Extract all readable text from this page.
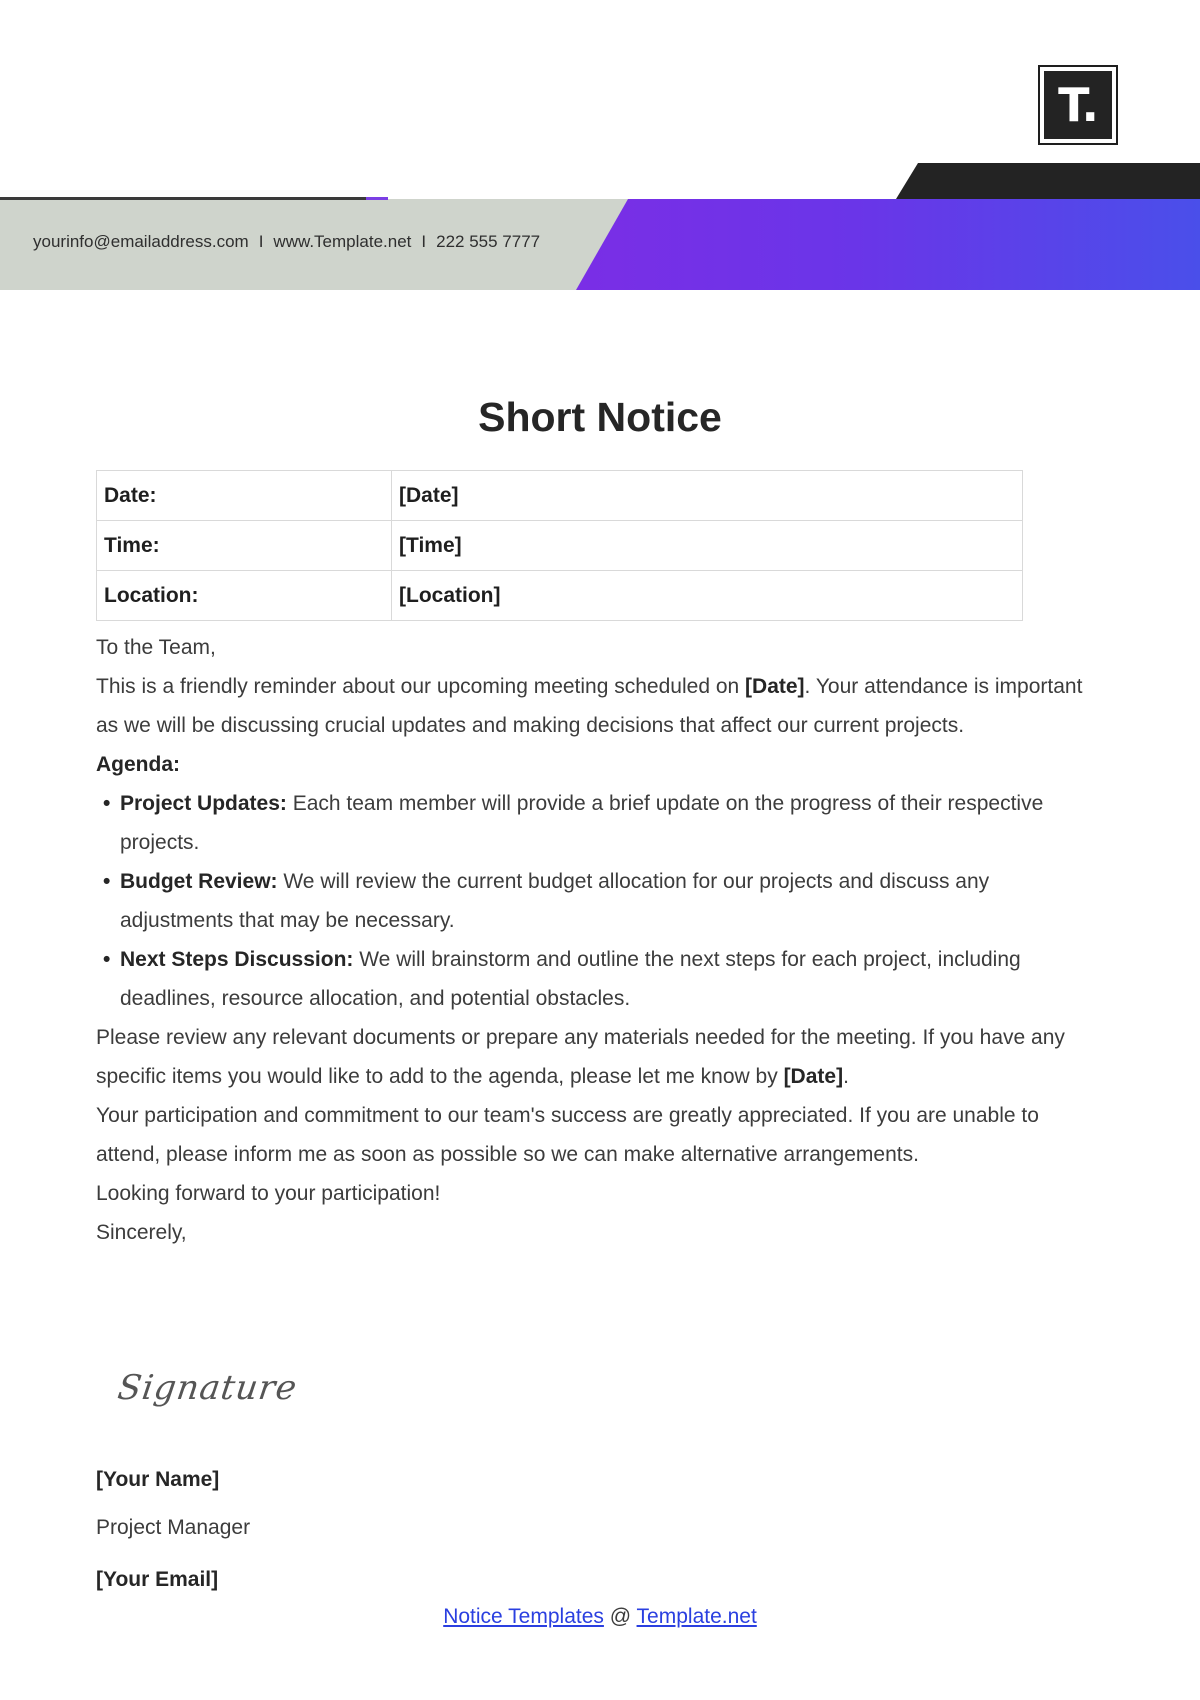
T.
yourinfo@emailaddress.com I www.Template.net I 222 555 7777
Short Notice
Date:	[Date]
Time:	[Time]
Location:	[Location]

To the Team,

This is a friendly reminder about our upcoming meeting scheduled on [Date]. Your attendance is important as we will be discussing crucial updates and making decisions that affect our current projects.

Agenda:

• Project Updates: Each team member will provide a brief update on the progress of their respective projects.
• Budget Review: We will review the current budget allocation for our projects and discuss any adjustments that may be necessary.
• Next Steps Discussion: We will brainstorm and outline the next steps for each project, including deadlines, resource allocation, and potential obstacles.

Please review any relevant documents or prepare any materials needed for the meeting. If you have any specific items you would like to add to the agenda, please let me know by [Date].

Your participation and commitment to our team's success are greatly appreciated. If you are unable to attend, please inform me as soon as possible so we can make alternative arrangements.

Looking forward to your participation!

Sincerely,

Signature
[Your Name]
Project Manager
[Your Email]
Notice Templates @ Template.net
